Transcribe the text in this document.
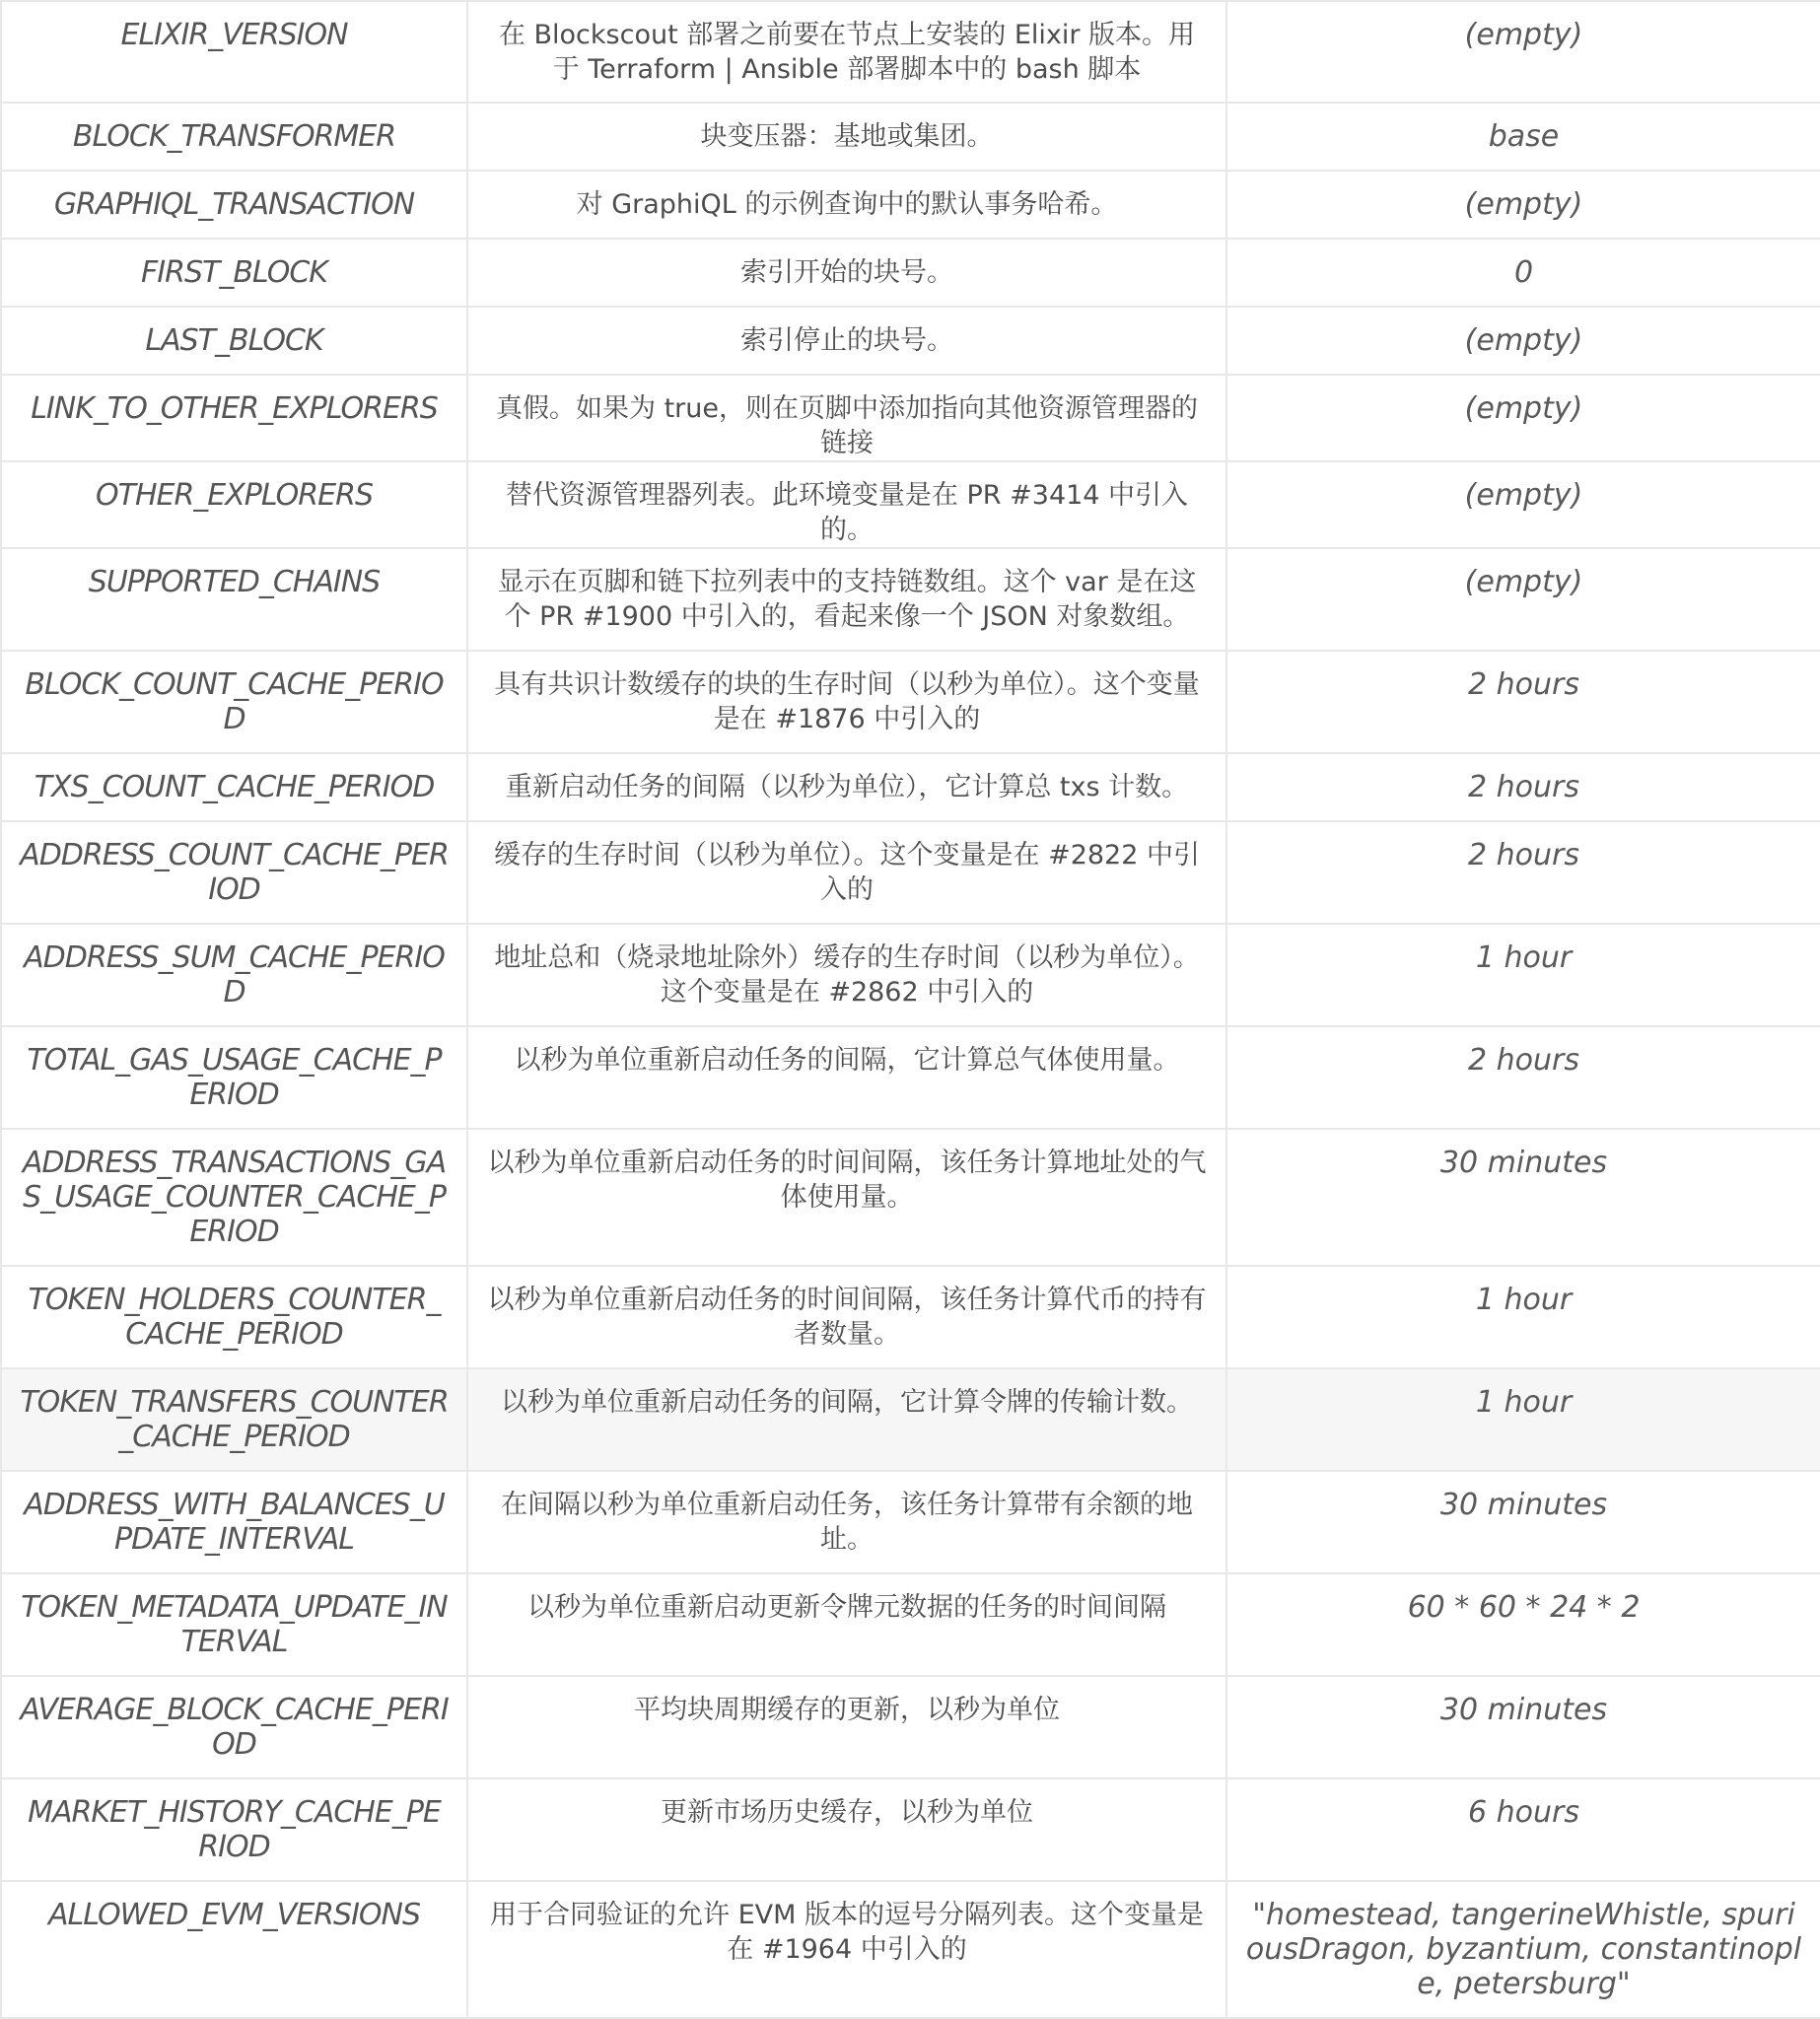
ELIXIR_VERSION	在 Blockscout 部署之前要在节点上安装的 Elixir 版本。用于 Terraform | Ansible 部署脚本中的 bash 脚本	(empty)
BLOCK_TRANSFORMER	块变压器：基地或集团。	base
GRAPHIQL_TRANSACTION	对 GraphiQL 的示例查询中的默认事务哈希。	(empty)
FIRST_BLOCK	索引开始的块号。	0
LAST_BLOCK	索引停止的块号。	(empty)
LINK_TO_OTHER_EXPLORERS	真假。如果为 true，则在页脚中添加指向其他资源管理器的链接	(empty)
OTHER_EXPLORERS	替代资源管理器列表。此环境变量是在 PR #3414 中引入的。	(empty)
SUPPORTED_CHAINS	显示在页脚和链下拉列表中的支持链数组。这个 var 是在这个 PR #1900 中引入的，看起来像一个 JSON 对象数组。	(empty)
BLOCK_COUNT_CACHE_PERIOD	具有共识计数缓存的块的生存时间（以秒为单位）。这个变量是在 #1876 中引入的	2 hours
TXS_COUNT_CACHE_PERIOD	重新启动任务的间隔（以秒为单位），它计算总 txs 计数。	2 hours
ADDRESS_COUNT_CACHE_PERIOD	缓存的生存时间（以秒为单位）。这个变量是在 #2822 中引入的	2 hours
ADDRESS_SUM_CACHE_PERIOD	地址总和（烧录地址除外）缓存的生存时间（以秒为单位）。这个变量是在 #2862 中引入的	1 hour
TOTAL_GAS_USAGE_CACHE_PERIOD	以秒为单位重新启动任务的间隔，它计算总气体使用量。	2 hours
ADDRESS_TRANSACTIONS_GAS_USAGE_COUNTER_CACHE_PERIOD	以秒为单位重新启动任务的时间间隔，该任务计算地址处的气体使用量。	30 minutes
TOKEN_HOLDERS_COUNTER_CACHE_PERIOD	以秒为单位重新启动任务的时间间隔，该任务计算代币的持有者数量。	1 hour
TOKEN_TRANSFERS_COUNTER_CACHE_PERIOD	以秒为单位重新启动任务的间隔，它计算令牌的传输计数。	1 hour
ADDRESS_WITH_BALANCES_UPDATE_INTERVAL	在间隔以秒为单位重新启动任务，该任务计算带有余额的地址。	30 minutes
TOKEN_METADATA_UPDATE_INTERVAL	以秒为单位重新启动更新令牌元数据的任务的时间间隔	60 * 60 * 24 * 2
AVERAGE_BLOCK_CACHE_PERIOD	平均块周期缓存的更新，以秒为单位	30 minutes
MARKET_HISTORY_CACHE_PERIOD	更新市场历史缓存，以秒为单位	6 hours
ALLOWED_EVM_VERSIONS	用于合同验证的允许 EVM 版本的逗号分隔列表。这个变量是在 #1964 中引入的	"homestead, tangerineWhistle, spuriousDragon, byzantium, constantinople, petersburg"
